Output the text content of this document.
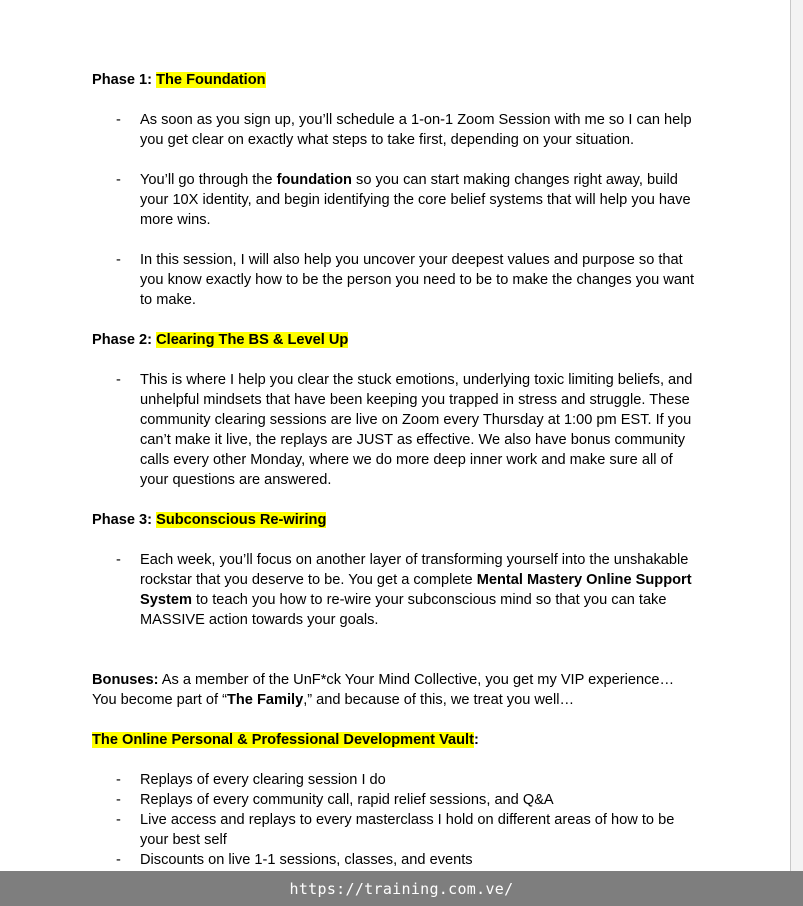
Phase 1: The Foundation
- As soon as you sign up, you’ll schedule a 1-on-1 Zoom Session with me so I can help you get clear on exactly what steps to take first, depending on your situation.
- You’ll go through the foundation so you can start making changes right away, build your 10X identity, and begin identifying the core belief systems that will help you have more wins.
- In this session, I will also help you uncover your deepest values and purpose so that you know exactly how to be the person you need to be to make the changes you want to make.
Phase 2: Clearing The BS & Level Up
- This is where I help you clear the stuck emotions, underlying toxic limiting beliefs, and unhelpful mindsets that have been keeping you trapped in stress and struggle. These community clearing sessions are live on Zoom every Thursday at 1:00 pm EST. If you can’t make it live, the replays are JUST as effective. We also have bonus community calls every other Monday, where we do more deep inner work and make sure all of your questions are answered.
Phase 3: Subconscious Re-wiring
- Each week, you’ll focus on another layer of transforming yourself into the unshakable rockstar that you deserve to be. You get a complete Mental Mastery Online Support System to teach you how to re-wire your subconscious mind so that you can take MASSIVE action towards your goals.

Bonuses: As a member of the UnF*ck Your Mind Collective, you get my VIP experience… You become part of “The Family,” and because of this, we treat you well…

The Online Personal & Professional Development Vault:
- Replays of every clearing session I do
- Replays of every community call, rapid relief sessions, and Q&A
- Live access and replays to every masterclass I hold on different areas of how to be your best self
- Discounts on live 1-1 sessions, classes, and events
https://training.com.ve/
